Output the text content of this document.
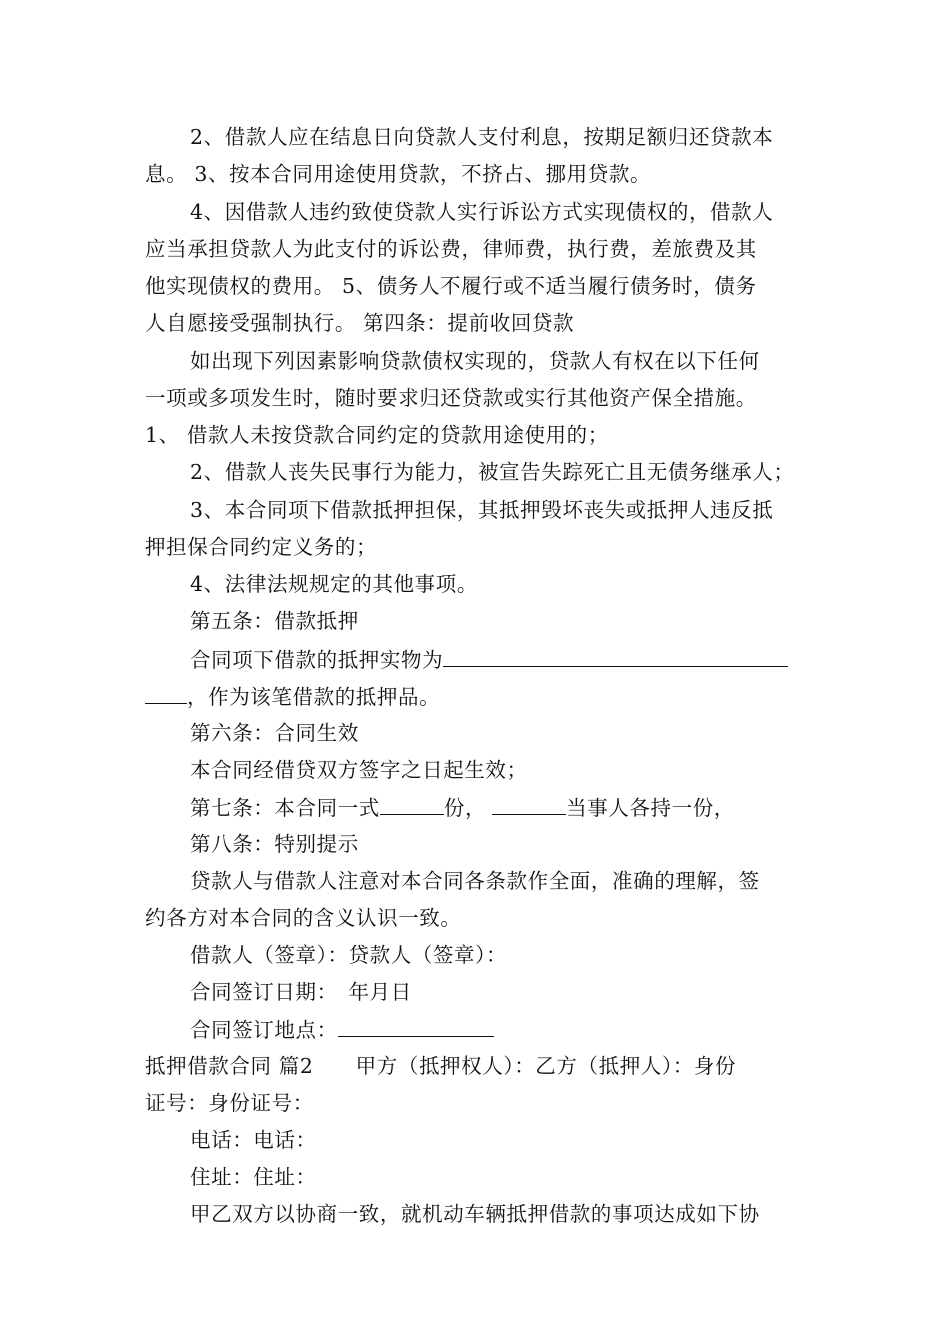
2、借款人应在结息日向贷款人支付利息，按期足额归还贷款本
息。 3、按本合同用途使用贷款，不挤占、挪用贷款。
4、因借款人违约致使贷款人实行诉讼方式实现债权的，借款人
应当承担贷款人为此支付的诉讼费，律师费，执行费，差旅费及其
他实现债权的费用。 5、债务人不履行或不适当履行债务时，债务
人自愿接受强制执行。 第四条：提前收回贷款
如出现下列因素影响贷款债权实现的，贷款人有权在以下任何
一项或多项发生时，随时要求归还贷款或实行其他资产保全措施。
1、 借款人未按贷款合同约定的贷款用途使用的；
2、借款人丧失民事行为能力，被宣告失踪死亡且无债务继承人；
3、本合同项下借款抵押担保，其抵押毁坏丧失或抵押人违反抵
押担保合同约定义务的；
4、法律法规规定的其他事项。
第五条：借款抵押
合同项下借款的抵押实物为
，作为该笔借款的抵押品。
第六条：合同生效
本合同经借贷双方签字之日起生效；
第七条：本合同一式	份，	当事人各持一份，
第八条：特别提示
贷款人与借款人注意对本合同各条款作全面，准确的理解，签
约各方对本合同的含义认识一致。
借款人（签章）：贷款人（签章）：
合同签订日期：　年月日
合同签订地点：
抵押借款合同 篇2　　甲方（抵押权人）：乙方（抵押人）：身份
证号：身份证号：
电话：电话：
住址：住址：
甲乙双方以协商一致，就机动车辆抵押借款的事项达成如下协
